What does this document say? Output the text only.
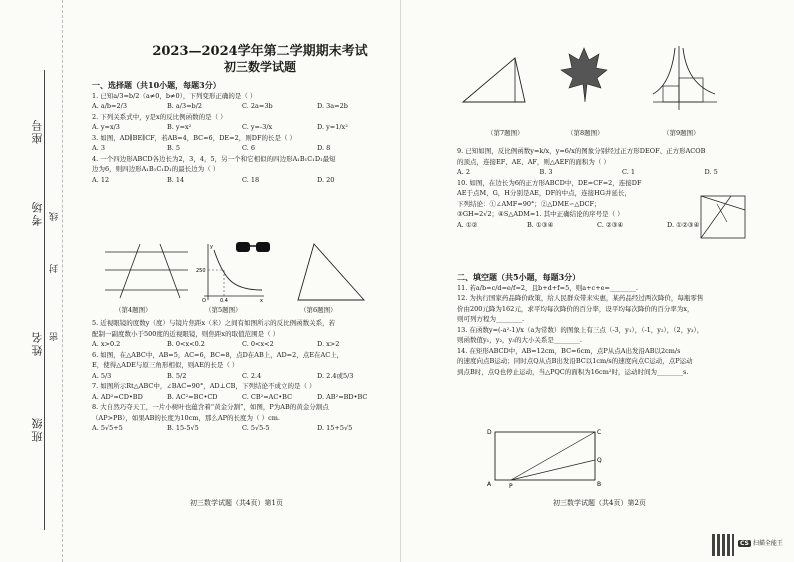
座号
考场
班级
姓名
线
封
密
2023—2024学年第二学期期末考试
初三数学试题
一、选择题（共10小题，每题3分）
1. 已知a/3=b/2（a≠0，b≠0），下列变形正确的是（ ）
A. a/b=2/3	B. a/3=b/2	C. 2a=3b	D. 3a=2b
2. 下列关系式中，y是x的反比例函数的是（ ）
A. y=x/3	B. y=x²	C. y=-3/x	D. y=1/x²
3. 如图，AD∥BE∥CF，若AB=4，BC=6，DE=2，则DF的长是（ ）
A. 3	B. 5	C. 6	D. 8
4. 一个四边形ABCD各边长为2，3，4，5，另一个和它相似的四边形A₁B₁C₁D₁最短
边为6，则四边形A₁B₁C₁D₁的最长边为（ ）
A. 12	B. 14	C. 18	D. 20
y
250
O	0.4	x
（第4题图）	（第5题图）	（第6题图）
5. 近视眼镜的度数y（度）与镜片焦距x（米）之间有如图所示的反比例函数关系，若
配制一副度数小于500度的近视眼镜，则焦距x的取值范围是（ ）
A. x>0.2	B. 0<x<0.2	C. 0<x<2	D. x>2
6. 如图，在△ABC中，AB=5，AC=6，BC=8，点D在AB上，AD=2，点E在AC上，
E，使得△ADE与原三角形相似，则AE的长是（ ）
A. 5/3	B. 5/2	C. 2.4	D. 2.4或5/3
7. 如图所示Rt△ABC中，∠BAC=90°，AD⊥CB，下列结论不成立的是（ ）
A. AD²=CD•BD	B. AC²=BC•CD	C. CB²=AC•BC	D. AB²=BD•BC
8. 大自然巧夺天工，一片小树叶也蕴含着“黄金分割”，如图，P为AB的黄金分割点
（AP>PB），如果AB的长度为10cm，那么AP的长度为（ ）cm.
A. 5√5+5	B. 15-5√5	C. 5√5-5	D. 15+5√5
初三数学试题（共4页）第1页
（第7题图）	（第8题图）	（第9题图）
9. 已知如图，反比例函数y=k/x，y=6/x的图象分别经过正方形DEOF、正方形ACOB
的顶点，连接EF、AE、AF，则△AEF的面积为（ ）
A. 2	B. 3	C. 1	D. 5
10. 如图，在边长为6的正方形ABCD中，DE=CF=2，连接DF
AE于点M，G，H分别是AE，DF的中点，连接HG并延长，
下列结论：①∠AMF=90°；②△DME∽△DCF；
③GH=2√2；④S△ADM=1. 其中正确结论的序号是（ ）
A. ①②	B. ①③④	C. ②③④	D. ①②③④
二、填空题（共5小题，每题3分）
11. 若a/b=c/d=e/f=2，且b+d+f=5，则a+c+e=________.
12. 为执行国家药品降价政策，给人民群众带来实惠，某药品经过两次降价，每瓶零售
价由200元降为162元，求平均每次降价的百分率，设平均每次降价的百分率为x，
则可列方程为________.
13. 在函数y=(-a²-1)/x（a为常数）的图象上有三点（-3，y₁），（-1，y₂），（2，y₃），
则函数值y₁，y₂，y₃的大小关系是________.
14. 在矩形ABCD中，AB=12cm，BC=6cm，点P从点A出发沿AB以2cm/s
的速度向点B运动；同时点Q从点B出发沿BC以1cm/s的速度向点C运动，点P运动
到点B时，点Q也停止运动，当△PQC的面积为16cm²时，运动时间为________s.
D	C
A	P	B
Q
初三数学试题（共4页）第2页
CS 扫描全能王
